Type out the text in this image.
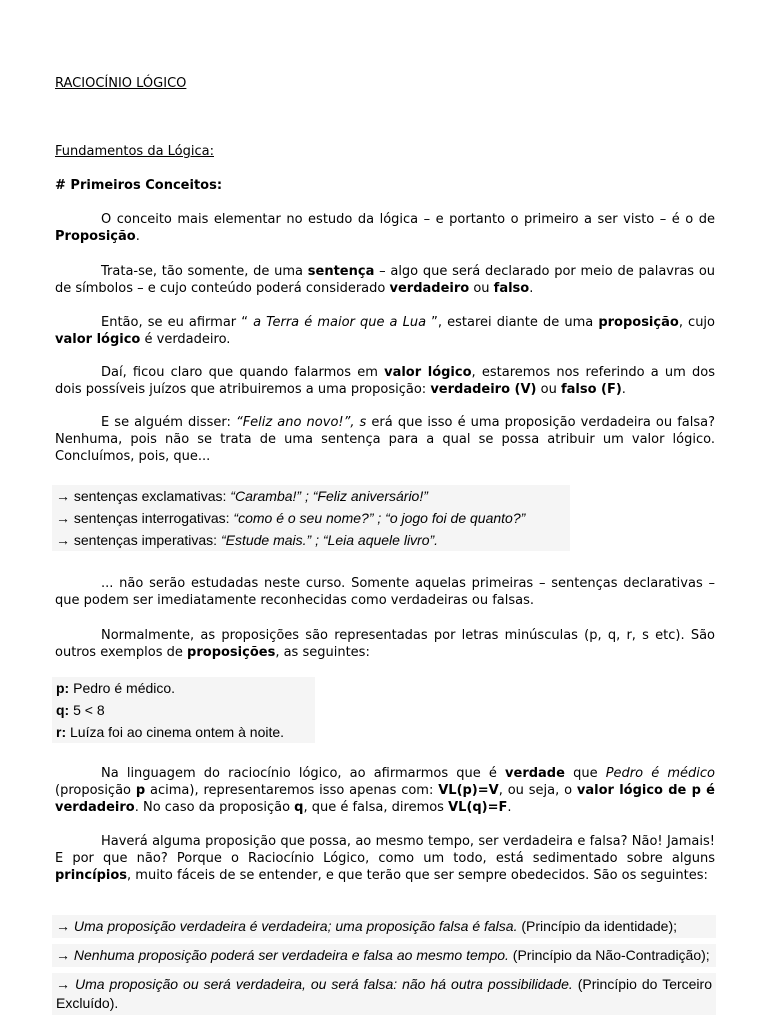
RACIOCÍNIO LÓGICO
Fundamentos da Lógica:
# Primeiros Conceitos:
O conceito mais elementar no estudo da lógica – e portanto o primeiro a ser visto – é o de Proposição.
Trata-se, tão somente, de uma sentença – algo que será declarado por meio de palavras ou de símbolos – e cujo conteúdo poderá considerado verdadeiro ou falso.
Então, se eu afirmar “ a Terra é maior que a Lua ”, estarei diante de uma proposição, cujo valor lógico é verdadeiro.
Daí, ficou claro que quando falarmos em valor lógico, estaremos nos referindo a um dos dois possíveis juízos que atribuiremos a uma proposição: verdadeiro (V) ou falso (F).
E se alguém disser: “Feliz ano novo!”, s erá que isso é uma proposição verdadeira ou falsa? Nenhuma, pois não se trata de uma sentença para a qual se possa atribuir um valor lógico. Concluímos, pois, que...
→ sentenças exclamativas: “Caramba!” ; “Feliz aniversário!”
→ sentenças interrogativas: “como é o seu nome?” ; “o jogo foi de quanto?”
→ sentenças imperativas: “Estude mais.” ; “Leia aquele livro”.
... não serão estudadas neste curso. Somente aquelas primeiras – sentenças declarativas – que podem ser imediatamente reconhecidas como verdadeiras ou falsas.
Normalmente, as proposições são representadas por letras minúsculas (p, q, r, s etc). São outros exemplos de proposições, as seguintes:
p: Pedro é médico.
q: 5 < 8
r: Luíza foi ao cinema ontem à noite.
Na linguagem do raciocínio lógico, ao afirmarmos que é verdade que Pedro é médico (proposição p acima), representaremos isso apenas com: VL(p)=V, ou seja, o valor lógico de p é verdadeiro. No caso da proposição q, que é falsa, diremos VL(q)=F.
Haverá alguma proposição que possa, ao mesmo tempo, ser verdadeira e falsa? Não! Jamais! E por que não? Porque o Raciocínio Lógico, como um todo, está sedimentado sobre alguns princípios, muito fáceis de se entender, e que terão que ser sempre obedecidos. São os seguintes:

→ Uma proposição verdadeira é verdadeira; uma proposição falsa é falsa. (Princípio da identidade);

→ Nenhuma proposição poderá ser verdadeira e falsa ao mesmo tempo. (Princípio da Não-Contradição);

→ Uma proposição ou será verdadeira, ou será falsa: não há outra possibilidade. (Princípio do Terceiro Excluído).
